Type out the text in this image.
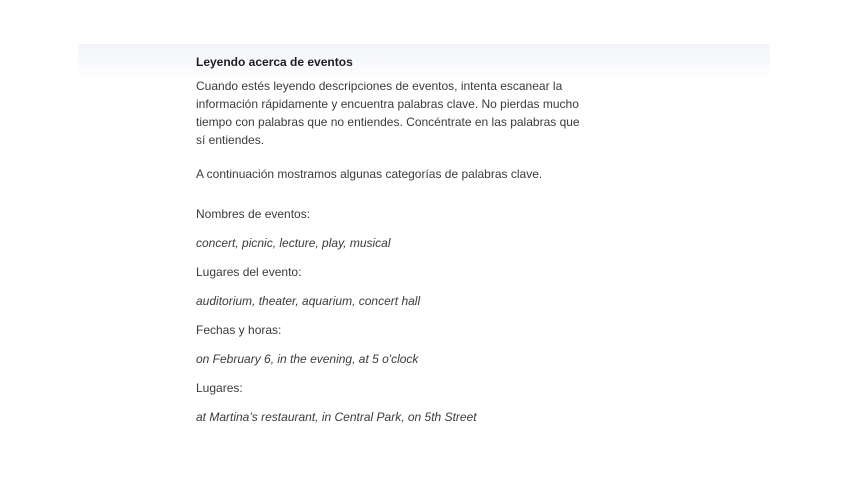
Leyendo acerca de eventos

Cuando estés leyendo descripciones de eventos, intenta escanear la información rápidamente y encuentra palabras clave. No pierdas mucho tiempo con palabras que no entiendes. Concéntrate en las palabras que sí entiendes.

A continuación mostramos algunas categorías de palabras clave.

Nombres de eventos:

concert, picnic, lecture, play, musical

Lugares del evento:

auditorium, theater, aquarium, concert hall

Fechas y horas:

on February 6, in the evening, at 5 o'clock

Lugares:

at Martina’s restaurant, in Central Park, on 5th Street
